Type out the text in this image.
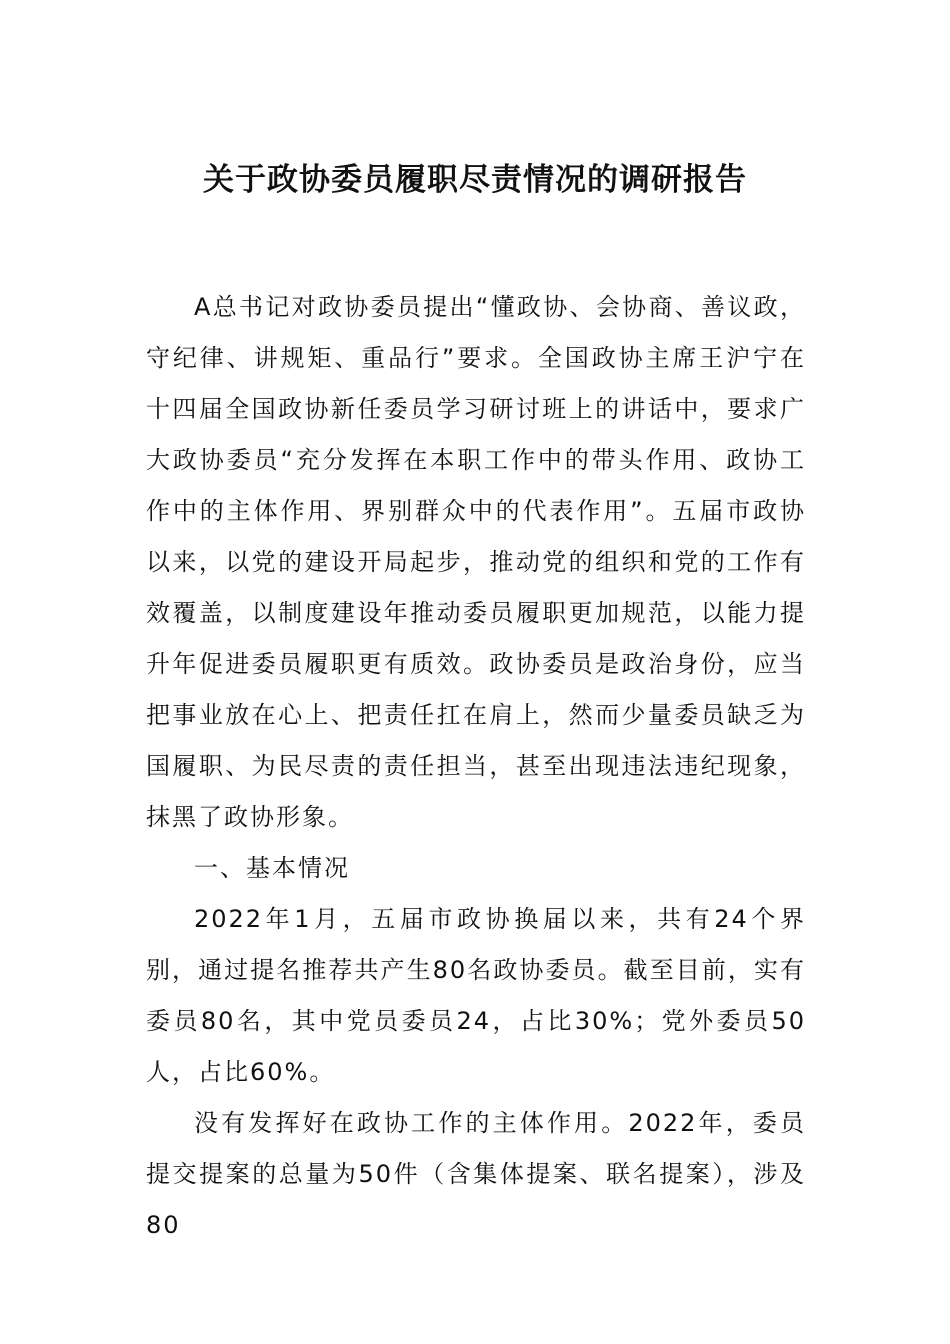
关于政协委员履职尽责情况的调研报告

A总书记对政协委员提出“懂政协、会协商、善议政，守纪律、讲规矩、重品行”要求。全国政协主席王沪宁在十四届全国政协新任委员学习研讨班上的讲话中，要求广大政协委员“充分发挥在本职工作中的带头作用、政协工作中的主体作用、界别群众中的代表作用”。五届市政协以来，以党的建设开局起步，推动党的组织和党的工作有效覆盖，以制度建设年推动委员履职更加规范，以能力提升年促进委员履职更有质效。政协委员是政治身份，应当把事业放在心上、把责任扛在肩上，然而少量委员缺乏为国履职、为民尽责的责任担当，甚至出现违法违纪现象，抹黑了政协形象。

一、基本情况

2022年1月，五届市政协换届以来，共有24个界别，通过提名推荐共产生80名政协委员。截至目前，实有委员80名，其中党员委员24，占比30%；党外委员50人，占比60%。

没有发挥好在政协工作的主体作用。2022年，委员提交提案的总量为50件（含集体提案、联名提案），涉及80
